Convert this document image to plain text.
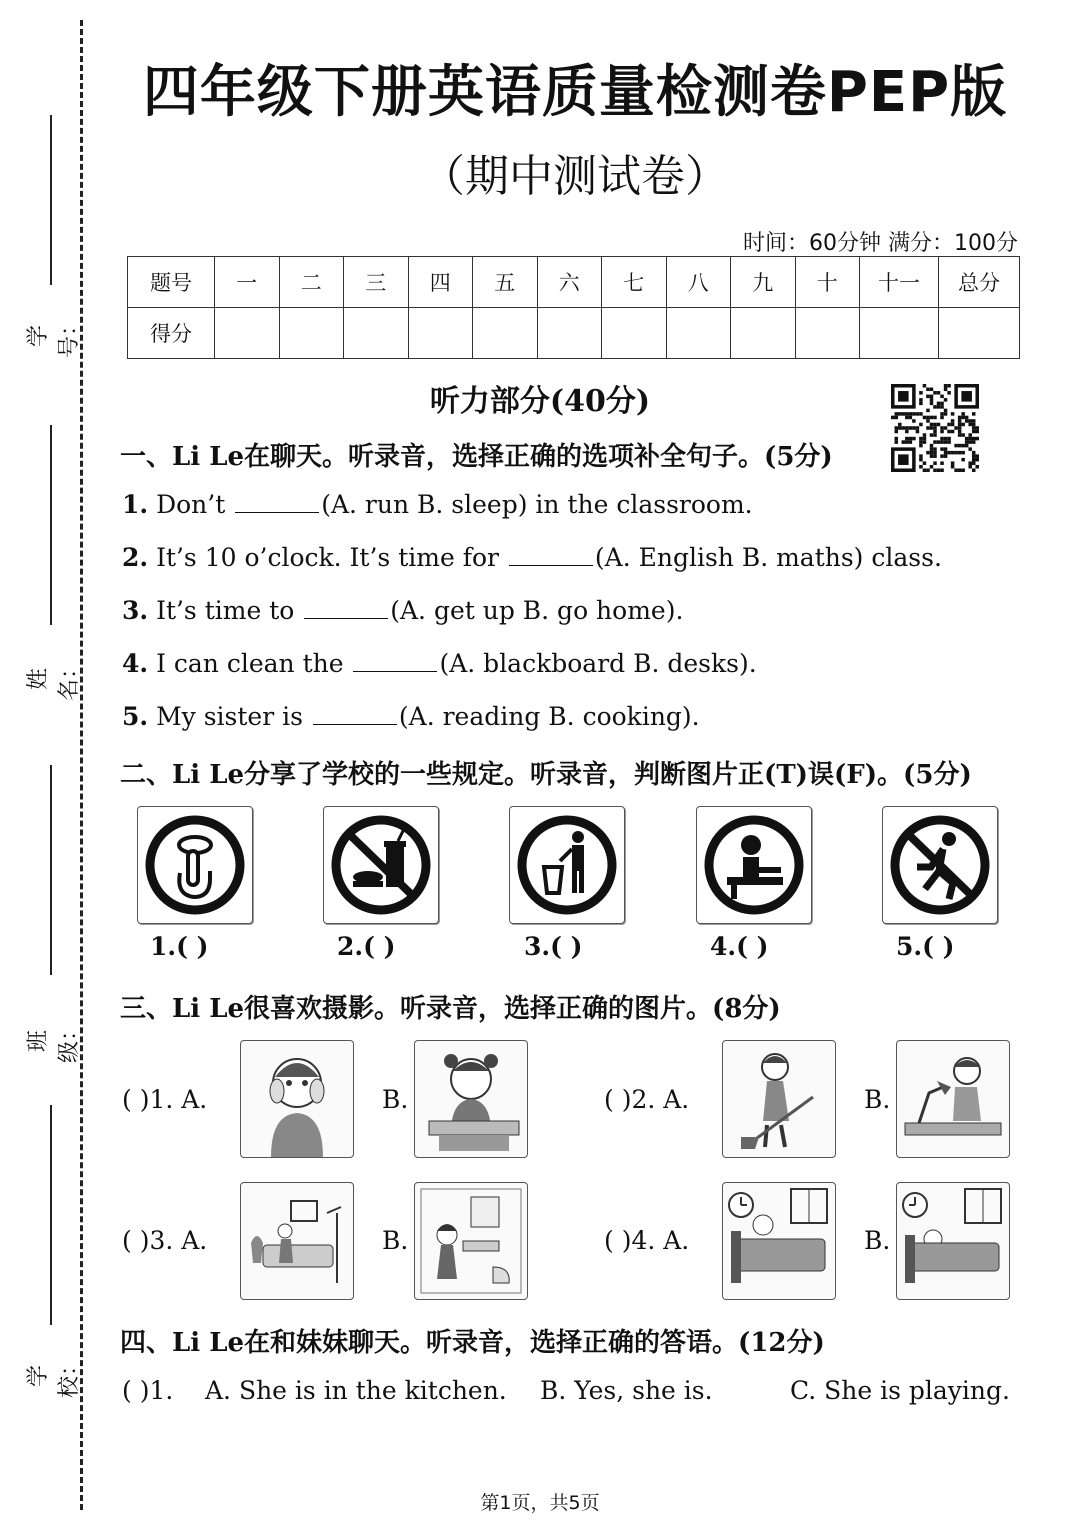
学号：
姓名：
班级：
学校：
四年级下册英语质量检测卷PEP版
（期中测试卷）
时间：60分钟 满分：100分
题号	一	二	三	四	五	六	七	八	九	十	十一	总分
得分												
听力部分(40分)
一、Li Le在聊天。听录音，选择正确的选项补全句子。(5分)
1. Don’t	(A. run B. sleep) in the classroom.
2. It’s 10 o’clock. It’s time for	(A. English B. maths) class.
3. It’s time to	(A. get up B. go home).
4. I can clean the	(A. blackboard B. desks).
5. My sister is	(A. reading B. cooking).
二、Li Le分享了学校的一些规定。听录音，判断图片正(T)误(F)。(5分)
1.( )	2.( )	3.( )	4.( )	5.( )
三、Li Le很喜欢摄影。听录音，选择正确的图片。(8分)
( )1. A.	B.	( )2. A.	B.
( )3. A.	B.	( )4. A.	B.
四、Li Le在和妹妹聊天。听录音，选择正确的答语。(12分)
( )1. A. She is in the kitchen. B. Yes, she is.	C. She is playing.
第1页，共5页
